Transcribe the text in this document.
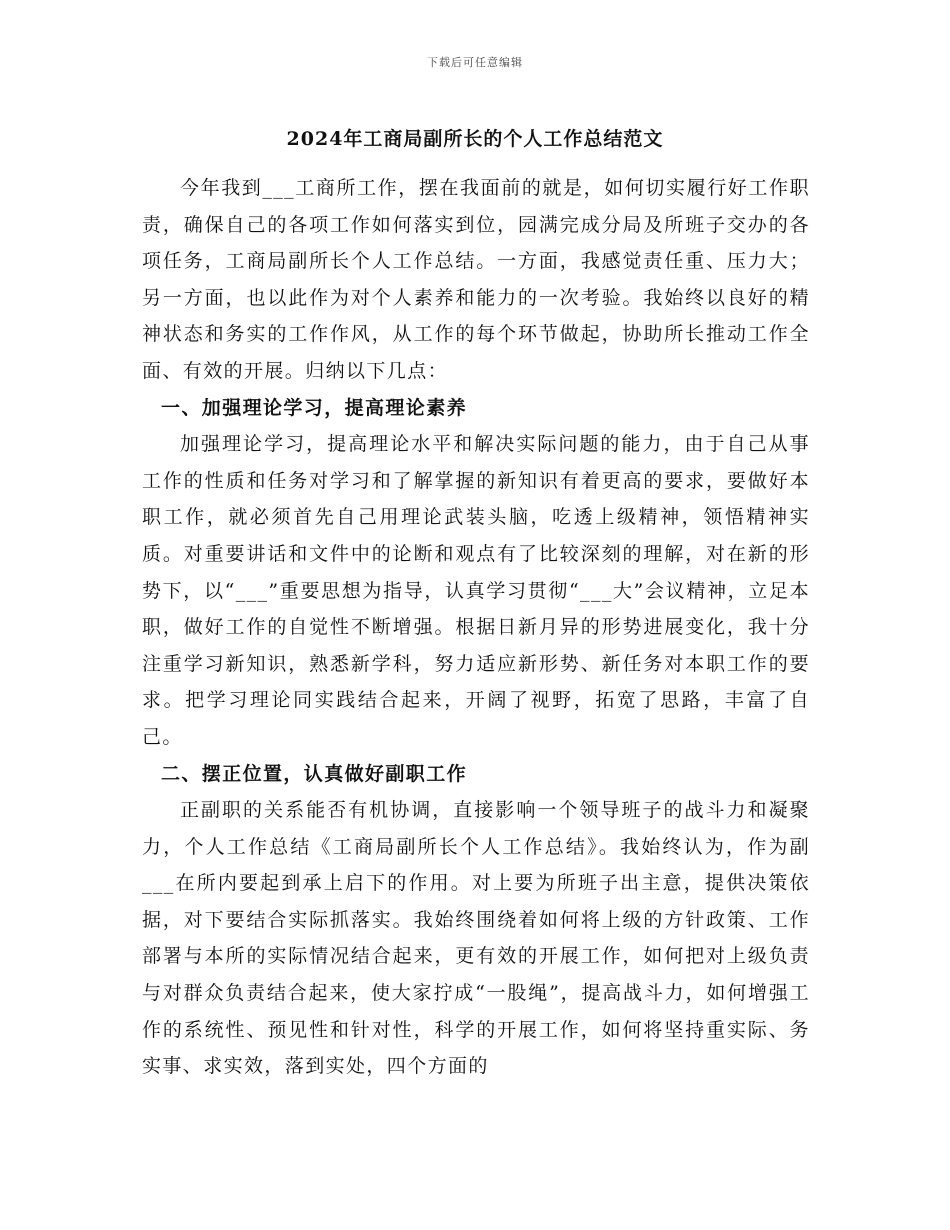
下载后可任意编辑
2024年工商局副所长的个人工作总结范文

今年我到___工商所工作，摆在我面前的就是，如何切实履行好工作职责，确保自己的各项工作如何落实到位，园满完成分局及所班子交办的各项任务，工商局副所长个人工作总结。一方面，我感觉责任重、压力大；另一方面，也以此作为对个人素养和能力的一次考验。我始终以良好的精神状态和务实的工作作风，从工作的每个环节做起，协助所长推动工作全面、有效的开展。归纳以下几点：

一、加强理论学习，提高理论素养

加强理论学习，提高理论水平和解决实际问题的能力，由于自己从事工作的性质和任务对学习和了解掌握的新知识有着更高的要求，要做好本职工作，就必须首先自己用理论武装头脑，吃透上级精神，领悟精神实质。对重要讲话和文件中的论断和观点有了比较深刻的理解，对在新的形势下，以“___”重要思想为指导，认真学习贯彻“___大”会议精神，立足本职，做好工作的自觉性不断增强。根据日新月异的形势进展变化，我十分注重学习新知识，熟悉新学科，努力适应新形势、新任务对本职工作的要求。把学习理论同实践结合起来，开阔了视野，拓宽了思路，丰富了自己。

二、摆正位置，认真做好副职工作

正副职的关系能否有机协调，直接影响一个领导班子的战斗力和凝聚力，个人工作总结《工商局副所长个人工作总结》。我始终认为，作为副___在所内要起到承上启下的作用。对上要为所班子出主意，提供决策依据，对下要结合实际抓落实。我始终围绕着如何将上级的方针政策、工作部署与本所的实际情况结合起来，更有效的开展工作，如何把对上级负责与对群众负责结合起来，使大家拧成“一股绳”，提高战斗力，如何增强工作的系统性、预见性和针对性，科学的开展工作，如何将坚持重实际、务实事、求实效，落到实处，四个方面的
